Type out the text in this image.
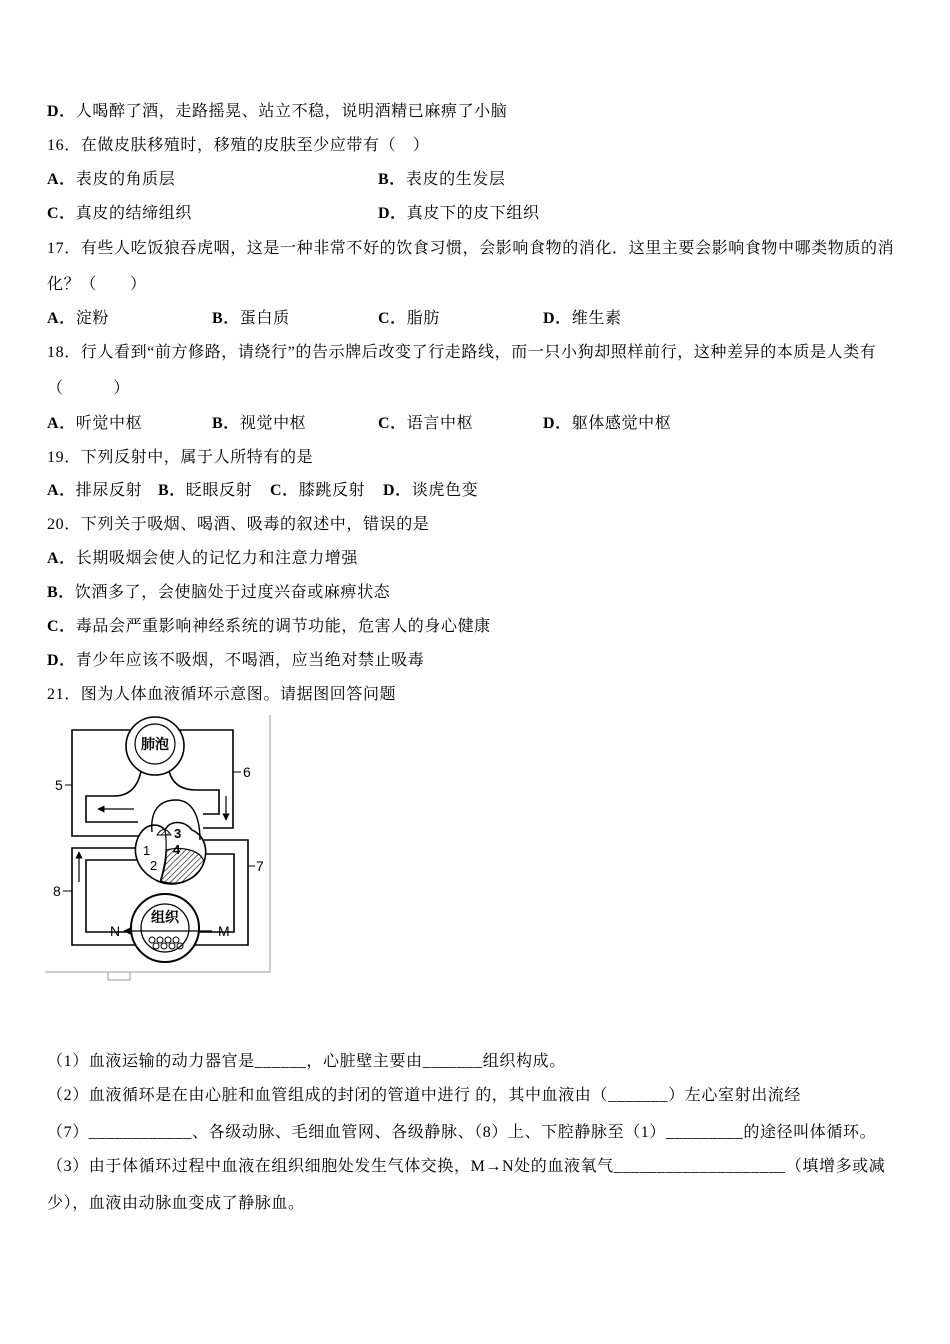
D．人喝醉了酒，走路摇晃、站立不稳，说明酒精已麻痹了小脑
16．在做皮肤移殖时，移殖的皮肤至少应带有（　）
A．表皮的角质层	B．表皮的生发层
C．真皮的结缔组织	D．真皮下的皮下组织
17．有些人吃饭狼吞虎咽，这是一种非常不好的饮食习惯，会影响食物的消化．这里主要会影响食物中哪类物质的消
化？（　　）
A．淀粉	B．蛋白质	C．脂肪	D．维生素
18．行人看到“前方修路，请绕行”的告示牌后改变了行走路线，而一只小狗却照样前行，这种差异的本质是人类有
（　　　）
A．听觉中枢	B．视觉中枢	C．语言中枢	D．躯体感觉中枢
19．下列反射中，属于人所特有的是
A．排尿反射 B．眨眼反射 C．膝跳反射 D．谈虎色变
20．下列关于吸烟、喝酒、吸毒的叙述中，错误的是
A．长期吸烟会使人的记忆力和注意力增强
B．饮酒多了，会使脑处于过度兴奋或麻痹状态
C．毒品会严重影响神经系统的调节功能，危害人的身心健康
D．青少年应该不吸烟，不喝酒，应当绝对禁止吸毒
21．图为人体血液循环示意图。请据图回答问题
肺泡
5
6
7
8
1
2
3
4
组织
N	M
（1）血液运输的动力器官是______，心脏壁主要由_______组织构成。
（2）血液循环是在由心脏和血管组成的封闭的管道中进行 的，其中血液由（_______）左心室射出流经
（7）____________、各级动脉、毛细血管网、各级静脉、（8）上、下腔静脉至（1）_________的途径叫体循环。
（3）由于体循环过程中血液在组织细胞处发生气体交换，M→N处的血液氧气____________________（填增多或减
少），血液由动脉血变成了静脉血。
